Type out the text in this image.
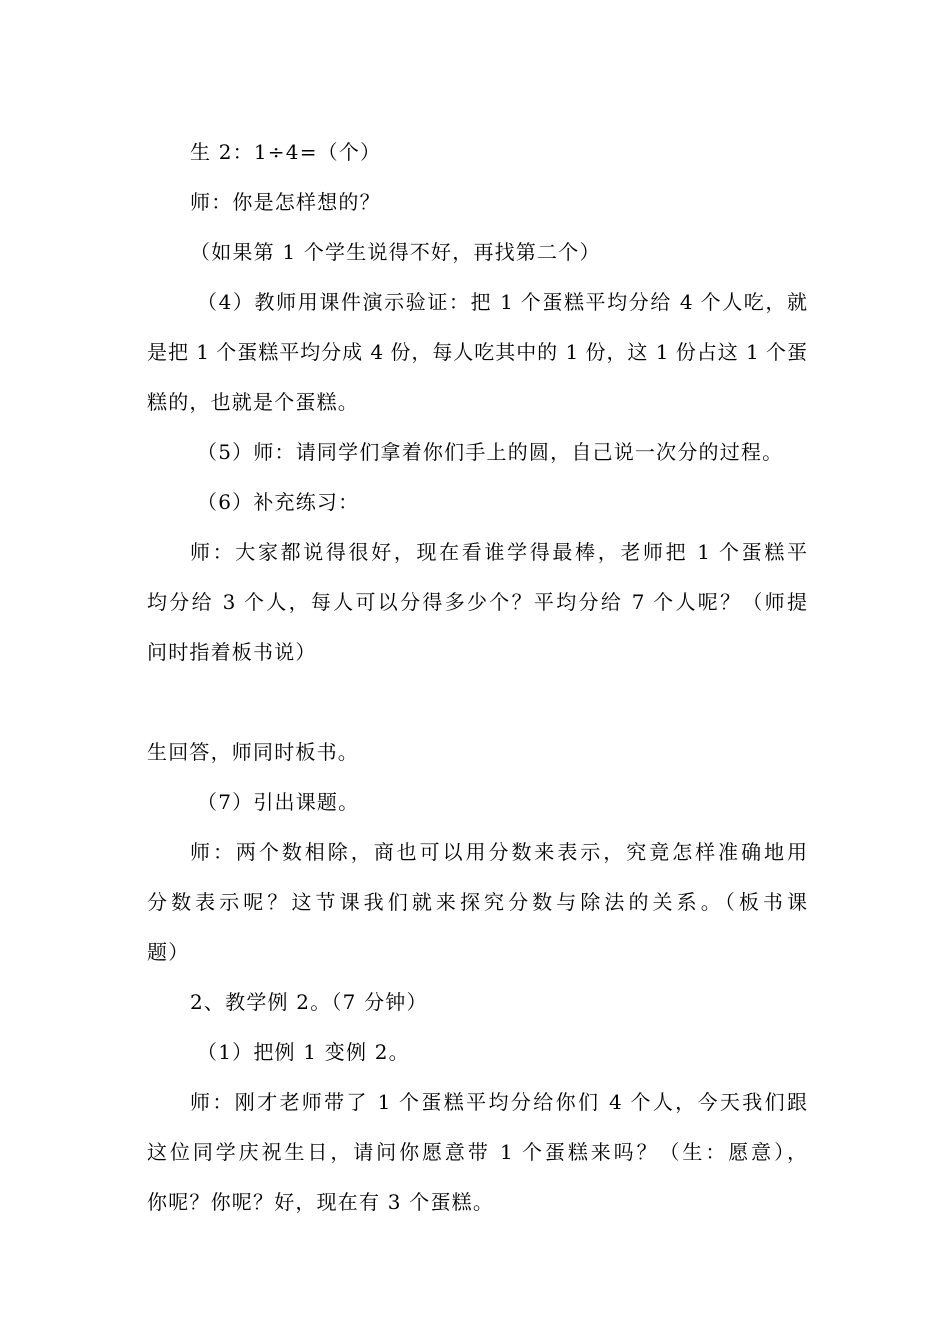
生 2：1÷4=（个）
师：你是怎样想的？
（如果第 1 个学生说得不好，再找第二个）
（4）教师用课件演示验证：把 1 个蛋糕平均分给 4 个人吃，就
是把 1 个蛋糕平均分成 4 份，每人吃其中的 1 份，这 1 份占这 1 个蛋
糕的，也就是个蛋糕。
（5）师：请同学们拿着你们手上的圆，自己说一次分的过程。
（6）补充练习：
师：大家都说得很好，现在看谁学得最棒，老师把 1 个蛋糕平
均分给 3 个人，每人可以分得多少个？平均分给 7 个人呢？（师提
问时指着板书说）
生回答，师同时板书。
（7）引出课题。
师：两个数相除，商也可以用分数来表示，究竟怎样准确地用
分数表示呢？这节课我们就来探究分数与除法的关系。（板书课
题）
2、教学例 2。（7 分钟）
（1）把例 1 变例 2。
师：刚才老师带了 1 个蛋糕平均分给你们 4 个人，今天我们跟
这位同学庆祝生日，请问你愿意带 1 个蛋糕来吗？（生：愿意），
你呢？你呢？好，现在有 3 个蛋糕。
